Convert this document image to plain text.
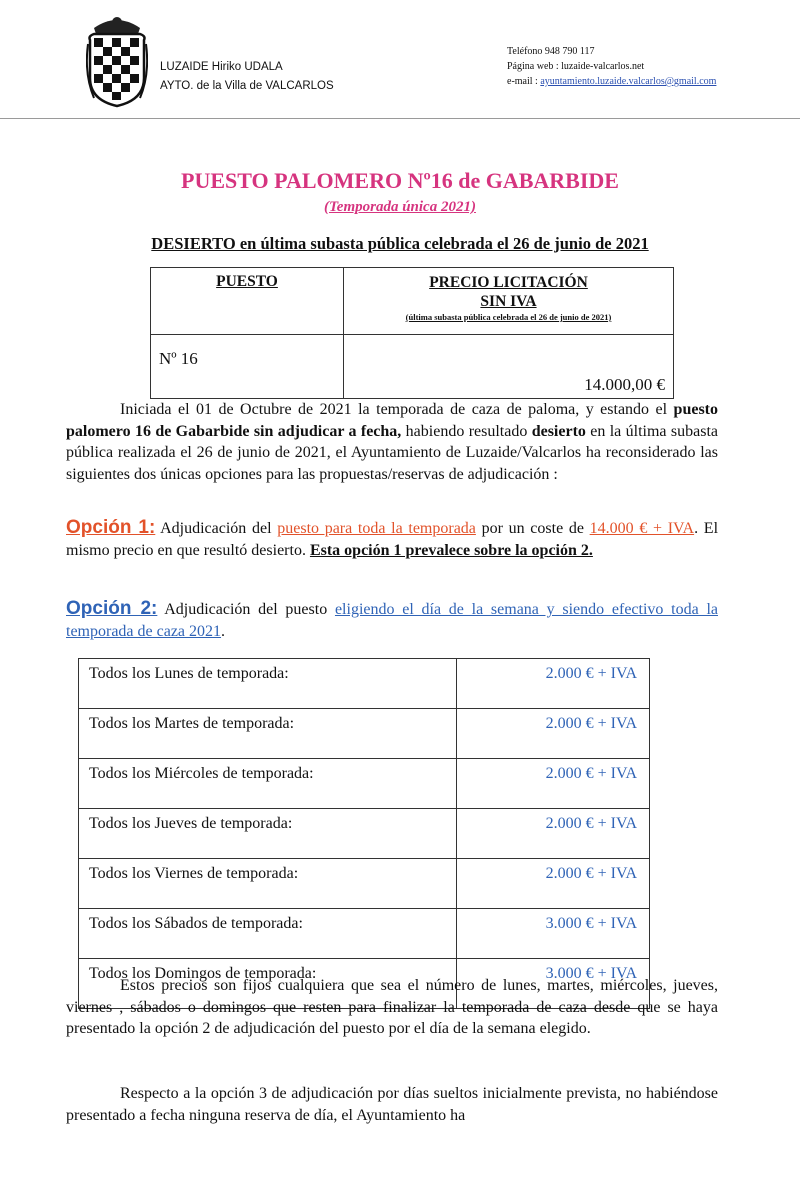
LUZAIDE Hiriko UDALA
AYTO. de la Villa de VALCARLOS
Teléfono 948 790 117
Página web : luzaide-valcarlos.net
e-mail : ayuntamiento.luzaide.valcarlos@gmail.com
PUESTO PALOMERO Nº16 de GABARBIDE
(Temporada única 2021)
DESIERTO en última subasta pública celebrada el 26 de junio de 2021
PUESTO	PRECIO LICITACIÓN
SIN IVA
(última subasta pública celebrada el 26 de junio de 2021)

Nº 16	14.000,00 €
Iniciada el 01 de Octubre de 2021 la temporada de caza de paloma, y estando el puesto palomero 16 de Gabarbide sin adjudicar a fecha, habiendo resultado desierto en la última subasta pública realizada el 26 de junio de 2021, el Ayuntamiento de Luzaide/Valcarlos ha reconsiderado las siguientes dos únicas opciones para las propuestas/reservas de adjudicación :
Opción 1: Adjudicación del puesto para toda la temporada por un coste de 14.000 € + IVA. El mismo precio en que resultó desierto. Esta opción 1 prevalece sobre la opción 2.
Opción 2: Adjudicación del puesto eligiendo el día de la semana y siendo efectivo toda la temporada de caza 2021.
Todos los Lunes de temporada:	2.000 € + IVA
Todos los Martes de temporada:	2.000 € + IVA
Todos los Miércoles de temporada:	2.000 € + IVA
Todos los Jueves de temporada:	2.000 € + IVA
Todos los Viernes de temporada:	2.000 € + IVA
Todos los Sábados de temporada:	3.000 € + IVA
Todos los Domingos de temporada:	3.000 € + IVA
Estos precios son fijos cualquiera que sea el número de lunes, martes, miércoles, jueves, viernes , sábados o domingos que resten para finalizar la temporada de caza desde que se haya presentado la opción 2 de adjudicación del puesto por el día de la semana elegido.
Respecto a la opción 3 de adjudicación por días sueltos inicialmente prevista, no habiéndose presentado a fecha ninguna reserva de día, el Ayuntamiento ha
